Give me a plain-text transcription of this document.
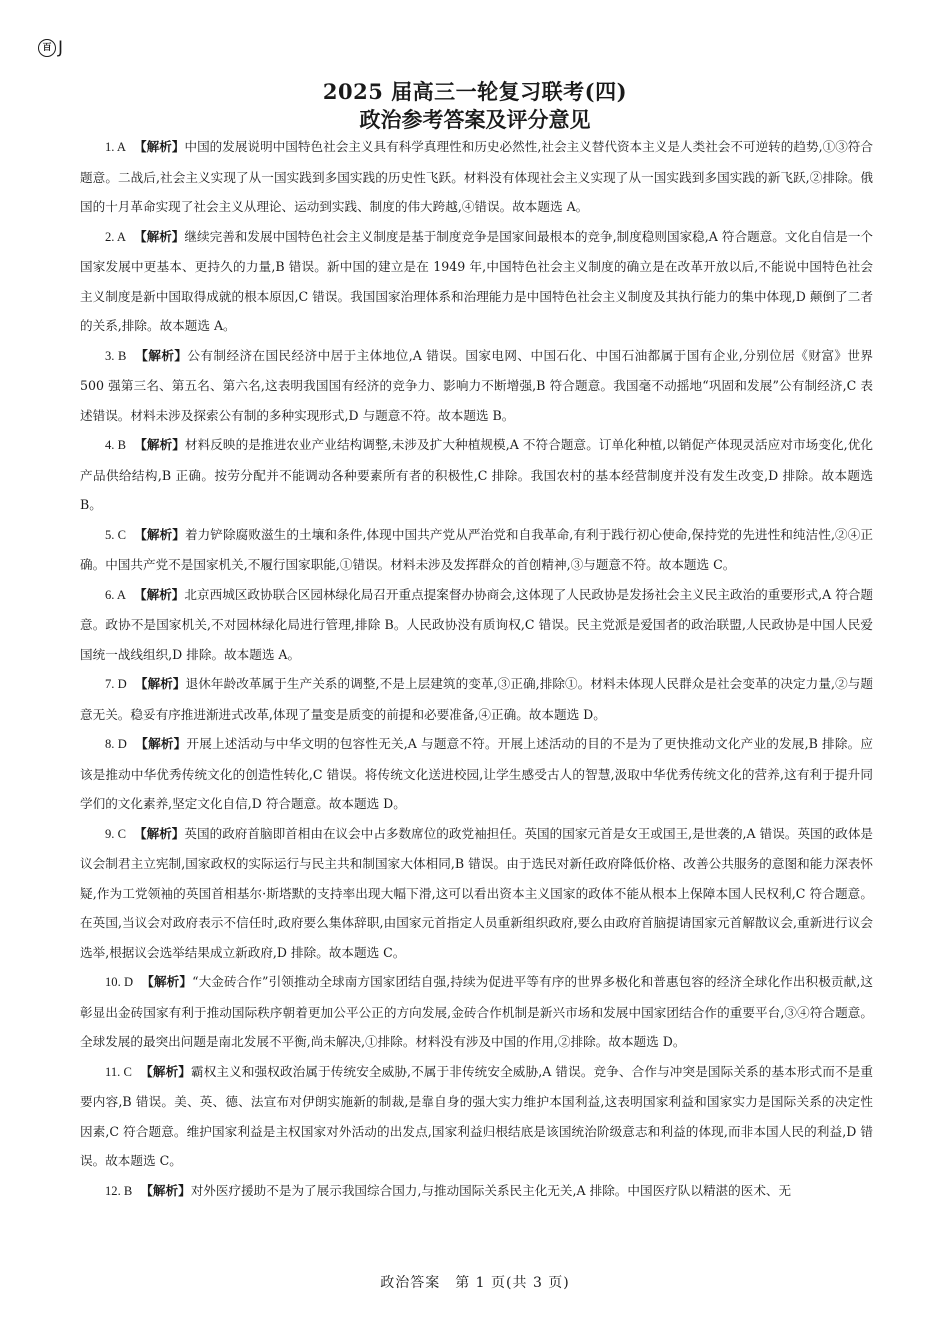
百 J
2025 届高三一轮复习联考(四)
政治参考答案及评分意见

1. A 【解析】中国的发展说明中国特色社会主义具有科学真理性和历史必然性,社会主义替代资本主义是人类社会不可逆转的趋势,①③符合题意。二战后,社会主义实现了从一国实践到多国实践的历史性飞跃。材料没有体现社会主义实现了从一国实践到多国实践的新飞跃,②排除。俄国的十月革命实现了社会主义从理论、运动到实践、制度的伟大跨越,④错误。故本题选 A。

2. A 【解析】继续完善和发展中国特色社会主义制度是基于制度竞争是国家间最根本的竞争,制度稳则国家稳,A 符合题意。文化自信是一个国家发展中更基本、更持久的力量,B 错误。新中国的建立是在 1949 年,中国特色社会主义制度的确立是在改革开放以后,不能说中国特色社会主义制度是新中国取得成就的根本原因,C 错误。我国国家治理体系和治理能力是中国特色社会主义制度及其执行能力的集中体现,D 颠倒了二者的关系,排除。故本题选 A。

3. B 【解析】公有制经济在国民经济中居于主体地位,A 错误。国家电网、中国石化、中国石油都属于国有企业,分别位居《财富》世界 500 强第三名、第五名、第六名,这表明我国国有经济的竞争力、影响力不断增强,B 符合题意。我国毫不动摇地“巩固和发展”公有制经济,C 表述错误。材料未涉及探索公有制的多种实现形式,D 与题意不符。故本题选 B。

4. B 【解析】材料反映的是推进农业产业结构调整,未涉及扩大种植规模,A 不符合题意。订单化种植,以销促产体现灵活应对市场变化,优化产品供给结构,B 正确。按劳分配并不能调动各种要素所有者的积极性,C 排除。我国农村的基本经营制度并没有发生改变,D 排除。故本题选 B。

5. C 【解析】着力铲除腐败滋生的土壤和条件,体现中国共产党从严治党和自我革命,有利于践行初心使命,保持党的先进性和纯洁性,②④正确。中国共产党不是国家机关,不履行国家职能,①错误。材料未涉及发挥群众的首创精神,③与题意不符。故本题选 C。

6. A 【解析】北京西城区政协联合区园林绿化局召开重点提案督办协商会,这体现了人民政协是发扬社会主义民主政治的重要形式,A 符合题意。政协不是国家机关,不对园林绿化局进行管理,排除 B。人民政协没有质询权,C 错误。民主党派是爱国者的政治联盟,人民政协是中国人民爱国统一战线组织,D 排除。故本题选 A。

7. D 【解析】退休年龄改革属于生产关系的调整,不是上层建筑的变革,③正确,排除①。材料未体现人民群众是社会变革的决定力量,②与题意无关。稳妥有序推进渐进式改革,体现了量变是质变的前提和必要准备,④正确。故本题选 D。

8. D 【解析】开展上述活动与中华文明的包容性无关,A 与题意不符。开展上述活动的目的不是为了更快推动文化产业的发展,B 排除。应该是推动中华优秀传统文化的创造性转化,C 错误。将传统文化送进校园,让学生感受古人的智慧,汲取中华优秀传统文化的营养,这有利于提升同学们的文化素养,坚定文化自信,D 符合题意。故本题选 D。

9. C 【解析】英国的政府首脑即首相由在议会中占多数席位的政党袖担任。英国的国家元首是女王或国王,是世袭的,A 错误。英国的政体是议会制君主立宪制,国家政权的实际运行与民主共和制国家大体相同,B 错误。由于选民对新任政府降低价格、改善公共服务的意图和能力深表怀疑,作为工党领袖的英国首相基尔·斯塔默的支持率出现大幅下滑,这可以看出资本主义国家的政体不能从根本上保障本国人民权利,C 符合题意。在英国,当议会对政府表示不信任时,政府要么集体辞职,由国家元首指定人员重新组织政府,要么由政府首脑提请国家元首解散议会,重新进行议会选举,根据议会选举结果成立新政府,D 排除。故本题选 C。

10. D 【解析】“大金砖合作”引领推动全球南方国家团结自强,持续为促进平等有序的世界多极化和普惠包容的经济全球化作出积极贡献,这彰显出金砖国家有利于推动国际秩序朝着更加公平公正的方向发展,金砖合作机制是新兴市场和发展中国家团结合作的重要平台,③④符合题意。全球发展的最突出问题是南北发展不平衡,尚未解决,①排除。材料没有涉及中国的作用,②排除。故本题选 D。

11. C 【解析】霸权主义和强权政治属于传统安全威胁,不属于非传统安全威胁,A 错误。竞争、合作与冲突是国际关系的基本形式而不是重要内容,B 错误。美、英、德、法宣布对伊朗实施新的制裁,是靠自身的强大实力维护本国利益,这表明国家利益和国家实力是国际关系的决定性因素,C 符合题意。维护国家利益是主权国家对外活动的出发点,国家利益归根结底是该国统治阶级意志和利益的体现,而非本国人民的利益,D 错误。故本题选 C。

12. B 【解析】对外医疗援助不是为了展示我国综合国力,与推动国际关系民主化无关,A 排除。中国医疗队以精湛的医术、无

政治答案　第 1 页(共 3 页)
